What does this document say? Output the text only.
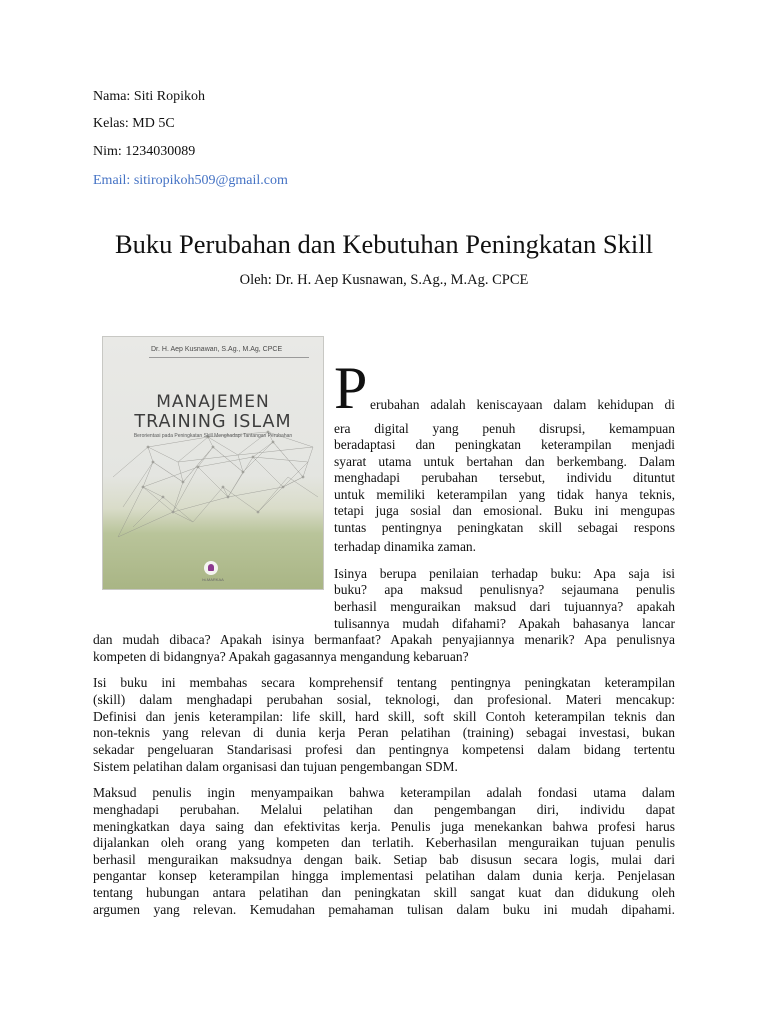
Nama: Siti Ropikoh
Kelas: MD 5C
Nim: 1234030089
Email: sitiropikoh509@gmail.com
Buku Perubahan dan Kebutuhan Peningkatan Skill
Oleh: Dr. H. Aep Kusnawan, S.Ag., M.Ag. CPCE
Dr. H. Aep Kusnawan, S.Ag., M.Ag, CPCE
MANAJEMEN
TRAINING ISLAM
Berorientasi pada Peningkatan Skill Menghadapi Tantangan Perubahan
ht-MARKAA
P erubahan adalah keniscayaan dalam kehidupan di
era digital yang penuh disrupsi, kemampuan
beradaptasi dan peningkatan keterampilan menjadi
syarat utama untuk bertahan dan berkembang. Dalam
menghadapi perubahan tersebut, individu dituntut
untuk memiliki keterampilan yang tidak hanya teknis,
tetapi juga sosial dan emosional. Buku ini mengupas
tuntas pentingnya peningkatan skill sebagai respons
terhadap dinamika zaman.
Isinya berupa penilaian terhadap buku: Apa saja isi
buku? apa maksud penulisnya? sejaumana penulis
berhasil menguraikan maksud dari tujuannya? apakah
tulisannya mudah difahami? Apakah bahasanya lancar
dan mudah dibaca? Apakah isinya bermanfaat? Apakah penyajiannya menarik? Apa penulisnya
kompeten di bidangnya? Apakah gagasannya mengandung kebaruan?
Isi buku ini membahas secara komprehensif tentang pentingnya peningkatan keterampilan
(skill) dalam menghadapi perubahan sosial, teknologi, dan profesional. Materi mencakup:
Definisi dan jenis keterampilan: life skill, hard skill, soft skill Contoh keterampilan teknis dan
non-teknis yang relevan di dunia kerja Peran pelatihan (training) sebagai investasi, bukan
sekadar pengeluaran Standarisasi profesi dan pentingnya kompetensi dalam bidang tertentu
Sistem pelatihan dalam organisasi dan tujuan pengembangan SDM.
Maksud penulis ingin menyampaikan bahwa keterampilan adalah fondasi utama dalam
menghadapi perubahan. Melalui pelatihan dan pengembangan diri, individu dapat
meningkatkan daya saing dan efektivitas kerja. Penulis juga menekankan bahwa profesi harus
dijalankan oleh orang yang kompeten dan terlatih. Keberhasilan menguraikan tujuan penulis
berhasil menguraikan maksudnya dengan baik. Setiap bab disusun secara logis, mulai dari
pengantar konsep keterampilan hingga implementasi pelatihan dalam dunia kerja. Penjelasan
tentang hubungan antara pelatihan dan peningkatan skill sangat kuat dan didukung oleh
argumen yang relevan. Kemudahan pemahaman tulisan dalam buku ini mudah dipahami.
